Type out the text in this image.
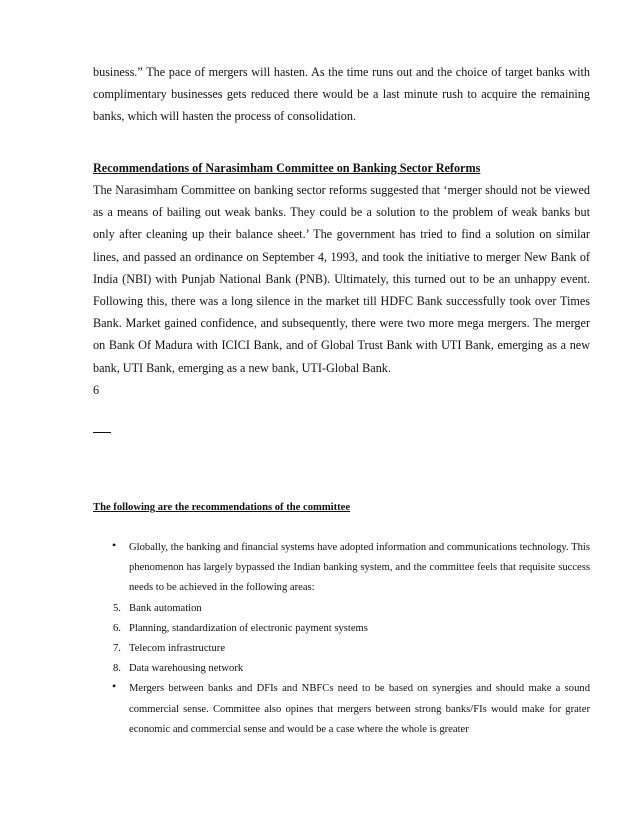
business.” The pace of mergers will hasten. As the time runs out and the choice of target banks with complimentary businesses gets reduced there would be a last minute rush to acquire the remaining banks, which will hasten the process of consolidation.

Recommendations of Narasimham Committee on Banking Sector Reforms

The Narasimham Committee on banking sector reforms suggested that ‘merger should not be viewed as a means of bailing out weak banks. They could be a solution to the problem of weak banks but only after cleaning up their balance sheet.’ The government has tried to find a solution on similar lines, and passed an ordinance on September 4, 1993, and took the initiative to merger New Bank of India (NBI) with Punjab National Bank (PNB). Ultimately, this turned out to be an unhappy event. Following this, there was a long silence in the market till HDFC Bank successfully took over Times Bank. Market gained confidence, and subsequently, there were two more mega mergers. The merger on Bank Of Madura with ICICI Bank, and of Global Trust Bank with UTI Bank, emerging as a new bank, UTI Bank, emerging as a new bank, UTI-Global Bank.

6

The following are the recommendations of the committee

•	Globally, the banking and financial systems have adopted information and communications technology. This phenomenon has largely bypassed the Indian banking system, and the committee feels that requisite success needs to be achieved in the following areas:
5. Bank automation
6. Planning, standardization of electronic payment systems
7. Telecom infrastructure
8. Data warehousing network
•	Mergers between banks and DFIs and NBFCs need to be based on synergies and should make a sound commercial sense. Committee also opines that mergers between strong banks/FIs would make for grater economic and commercial sense and would be a case where the whole is greater
